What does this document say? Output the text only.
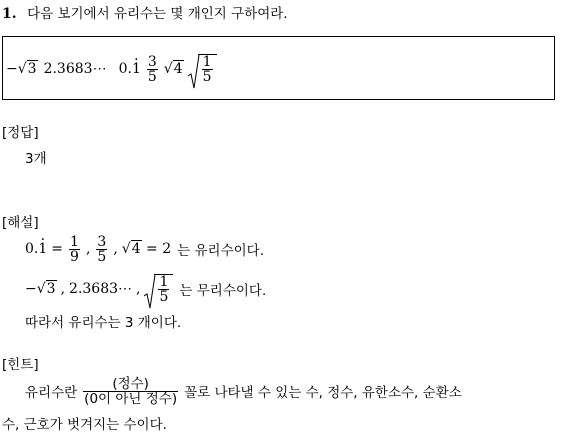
1. 다음 보기에서 유리수는 몇 개인지 구하여라.
−√3 2.3683⋯ $0.1 \cdot \frac{3}{5} √4 \frac{1}{5}$
[정답]
3개
[해설]
0.1 · = $\frac{1}{9}$ , $\frac{3}{5}$ , √4 = 2 는 유리수이다.
−√3 , 2.3683⋯ , $\frac{1}{5}$ 는 무리수이다.
따라서 유리수는 3 개이다.
[힌트]
유리수란 $\frac{\text{(정수)}}{\text{(0이 아닌 정수)}}$ 꼴로 나타낼 수 있는 수, 정수, 유한소수, 순환소
수, 근호가 벗겨지는 수이다.
